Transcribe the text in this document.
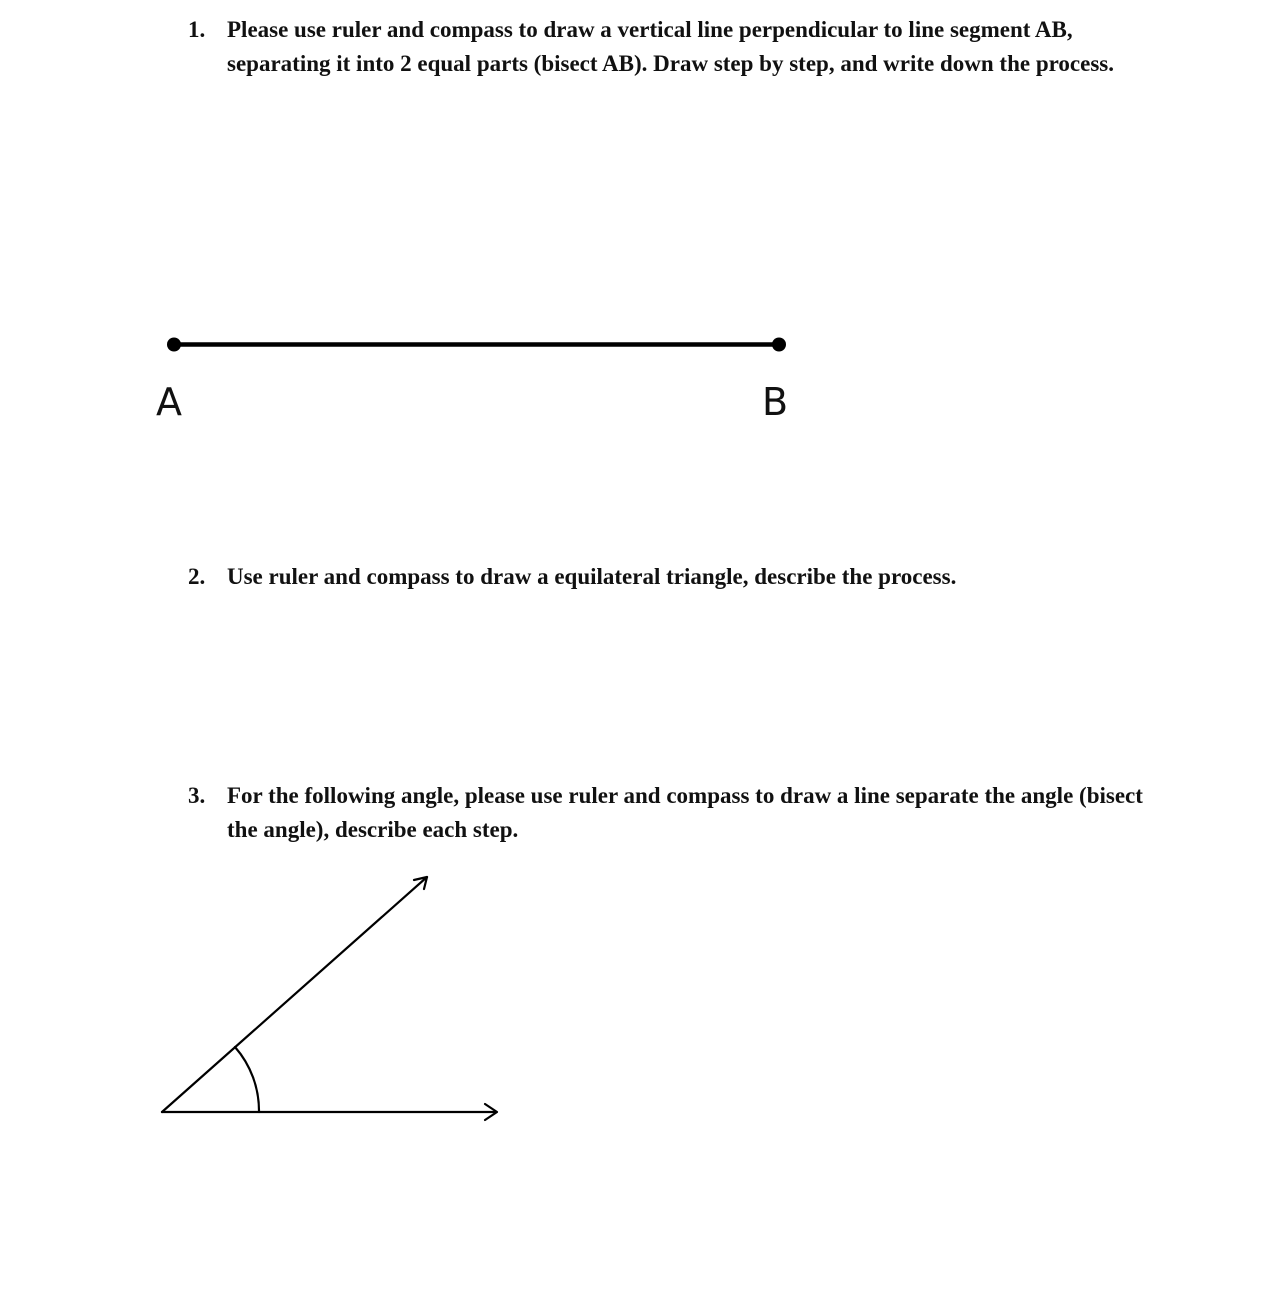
1. Please use ruler and compass to draw a vertical line perpendicular to line segment AB, separating it into 2 equal parts (bisect AB). Draw step by step, and write down the process.
A	B
2. Use ruler and compass to draw a equilateral triangle, describe the process.
3. For the following angle, please use ruler and compass to draw a line separate the angle (bisect the angle), describe each step.
